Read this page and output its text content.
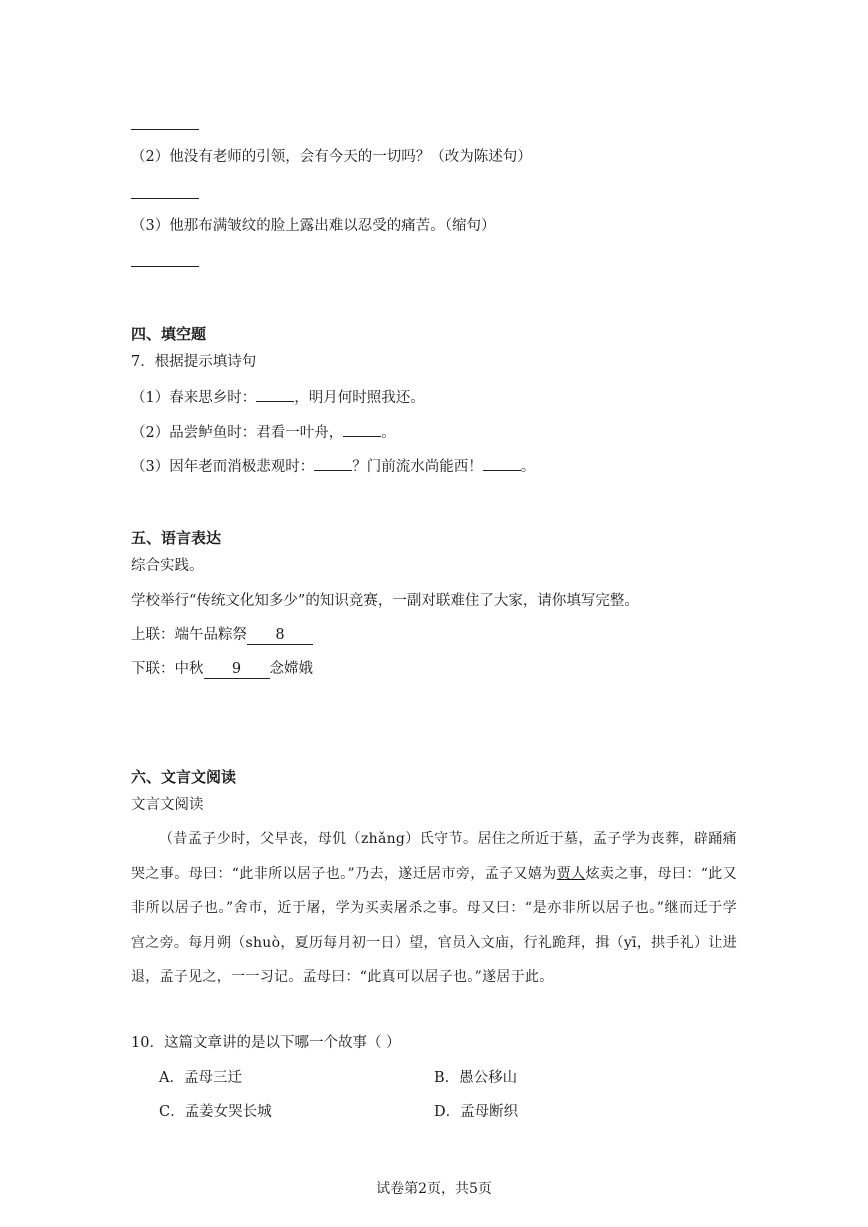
（2）他没有老师的引领，会有今天的一切吗？（改为陈述句）
（3）他那布满皱纹的脸上露出难以忍受的痛苦。（缩句）
四、填空题
7．根据提示填诗句
（1）春来思乡时：	，明月何时照我还。
（2）品尝鲈鱼时：君看一叶舟，	。
（3）因年老而消极悲观时：	？门前流水尚能西！	。
五、语言表达
综合实践。
学校举行“传统文化知多少”的知识竞赛，一副对联难住了大家，请你填写完整。
上联：端午品粽祭 8
下联：中秋 9 念嫦娥
六、文言文阅读
文言文阅读

（昔孟子少时，父早丧，母仉（zhǎng）氏守节。居住之所近于墓，孟子学为丧葬，辟踊痛哭之事。母曰：“此非所以居子也。”乃去，遂迁居市旁，孟子又嬉为贾人炫卖之事，母曰：“此又非所以居子也。”舍市，近于屠，学为买卖屠杀之事。母又曰：“是亦非所以居子也。”继而迁于学宫之旁。每月朔（shuò，夏历每月初一日）望，官员入文庙，行礼跪拜，揖（yī，拱手礼）让进退，孟子见之，一一习记。孟母曰：“此真可以居子也。”遂居于此。

10．这篇文章讲的是以下哪一个故事（ ）
A．孟母三迁	B．愚公移山
C．孟姜女哭长城	D．孟母断织
试卷第2页，共5页
